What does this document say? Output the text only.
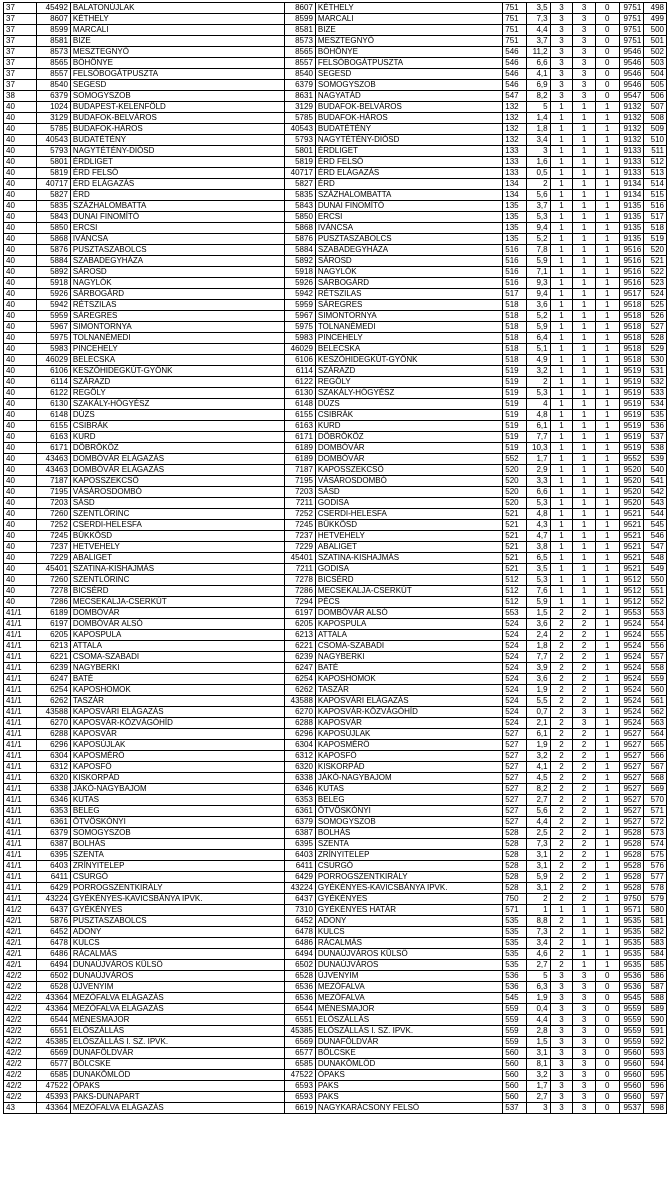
37	45492	BALATONÚJLAK	8607	KÉTHELY	751	3,5	3	3	0	9751	498
37	8607	KÉTHELY	8599	MARCALI	751	7,3	3	3	0	9751	499
37	8599	MARCALI	8581	BIZE	751	4,4	3	3	0	9751	500
37	8581	BIZE	8573	MESZTEGNYŐ	751	3,7	3	3	0	9751	501
37	8573	MESZTEGNYŐ	8565	BŐHÖNYE	546	11,2	3	3	0	9546	502
37	8565	BŐHÖNYE	8557	FELSŐBOGÁTPUSZTA	546	6,6	3	3	0	9546	503
37	8557	FELSŐBOGÁTPUSZTA	8540	SEGESD	546	4,1	3	3	0	9546	504
37	8540	SEGESD	6379	SOMOGYSZOB	546	6,9	3	3	0	9546	505
38	6379	SOMOGYSZOB	8631	NAGYATÁD	547	8,2	3	3	0	9547	506
40	1024	BUDAPEST-KELENFÖLD	3129	BUDAFOK-BELVÁROS	132	5	1	1	1	9132	507
40	3129	BUDAFOK-BELVÁROS	5785	BUDAFOK-HÁROS	132	1,4	1	1	1	9132	508
40	5785	BUDAFOK-HÁROS	40543	BUDATÉTÉNY	132	1,8	1	1	1	9132	509
40	40543	BUDATÉTÉNY	5793	NAGYTÉTÉNY-DIÓSD	132	3,4	1	1	1	9132	510
40	5793	NAGYTÉTÉNY-DIÓSD	5801	ÉRDLIGET	133	3	1	1	1	9133	511
40	5801	ÉRDLIGET	5819	ÉRD FELSŐ	133	1,6	1	1	1	9133	512
40	5819	ÉRD FELSŐ	40717	ÉRD ELÁGAZÁS	133	0,5	1	1	1	9133	513
40	40717	ÉRD ELÁGAZÁS	5827	ÉRD	134	2	1	1	1	9134	514
40	5827	ÉRD	5835	SZÁZHALOMBATTA	134	5,6	1	1	1	9134	515
40	5835	SZÁZHALOMBATTA	5843	DUNAI FINOMÍTÓ	135	3,7	1	1	1	9135	516
40	5843	DUNAI FINOMÍTÓ	5850	ERCSI	135	5,3	1	1	1	9135	517
40	5850	ERCSI	5868	IVÁNCSA	135	9,4	1	1	1	9135	518
40	5868	IVÁNCSA	5876	PUSZTASZABOLCS	135	5,2	1	1	1	9135	519
40	5876	PUSZTASZABOLCS	5884	SZABADEGYHÁZA	516	7,8	1	1	1	9516	520
40	5884	SZABADEGYHÁZA	5892	SÁROSD	516	5,9	1	1	1	9516	521
40	5892	SÁROSD	5918	NAGYLÓK	516	7,1	1	1	1	9516	522
40	5918	NAGYLÓK	5926	SÁRBOGÁRD	516	9,3	1	1	1	9516	523
40	5926	SÁRBOGÁRD	5942	RÉTSZILAS	517	9,4	1	1	1	9517	524
40	5942	RÉTSZILAS	5959	SÁREGRES	518	3,6	1	1	1	9518	525
40	5959	SÁREGRES	5967	SIMONTORNYA	518	5,2	1	1	1	9518	526
40	5967	SIMONTORNYA	5975	TOLNANÉMEDI	518	5,9	1	1	1	9518	527
40	5975	TOLNANÉMEDI	5983	PINCEHELY	518	6,4	1	1	1	9518	528
40	5983	PINCEHELY	46029	BELECSKA	518	5,1	1	1	1	9518	529
40	46029	BELECSKA	6106	KESZŐHIDEGKÚT-GYÖNK	518	4,9	1	1	1	9518	530
40	6106	KESZŐHIDEGKÚT-GYÖNK	6114	SZÁRAZD	519	3,2	1	1	1	9519	531
40	6114	SZÁRAZD	6122	REGÖLY	519	2	1	1	1	9519	532
40	6122	REGÖLY	6130	SZAKÁLY-HŐGYÉSZ	519	5,3	1	1	1	9519	533
40	6130	SZAKÁLY-HŐGYÉSZ	6148	DÚZS	519	4	1	1	1	9519	534
40	6148	DÚZS	6155	CSIBRÁK	519	4,8	1	1	1	9519	535
40	6155	CSIBRÁK	6163	KURD	519	6,1	1	1	1	9519	536
40	6163	KURD	6171	DÖBRÖKÖZ	519	7,7	1	1	1	9519	537
40	6171	DÖBRÖKÖZ	6189	DOMBÓVÁR	519	10,3	1	1	1	9519	538
40	43463	DOMBÓVÁR ELÁGAZÁS	6189	DOMBÓVÁR	552	1,7	1	1	1	9552	539
40	43463	DOMBÓVÁR ELÁGAZÁS	7187	KAPOSSZEKCSŐ	520	2,9	1	1	1	9520	540
40	7187	KAPOSSZEKCSŐ	7195	VÁSÁROSDOMBÓ	520	3,3	1	1	1	9520	541
40	7195	VÁSÁROSDOMBÓ	7203	SÁSD	520	6,6	1	1	1	9520	542
40	7203	SÁSD	7211	GODISA	520	5,3	1	1	1	9520	543
40	7260	SZENTLŐRINC	7252	CSERDI-HELESFA	521	4,8	1	1	1	9521	544
40	7252	CSERDI-HELESFA	7245	BÜKKÖSD	521	4,3	1	1	1	9521	545
40	7245	BÜKKÖSD	7237	HETVEHELY	521	4,7	1	1	1	9521	546
40	7237	HETVEHELY	7229	ABALIGET	521	3,8	1	1	1	9521	547
40	7229	ABALIGET	45401	SZATINA-KISHAJMÁS	521	6,5	1	1	1	9521	548
40	45401	SZATINA-KISHAJMÁS	7211	GODISA	521	3,5	1	1	1	9521	549
40	7260	SZENTLŐRINC	7278	BICSÉRD	512	5,3	1	1	1	9512	550
40	7278	BICSÉRD	7286	MECSEKALJA-CSERKÚT	512	7,6	1	1	1	9512	551
40	7286	MECSEKALJA-CSERKÚT	7294	PÉCS	512	5,9	1	1	1	9512	552
41/1	6189	DOMBÓVÁR	6197	DOMBÓVÁR ALSÓ	553	1,5	2	2	1	9553	553
41/1	6197	DOMBÓVÁR ALSÓ	6205	KAPOSPULA	524	3,6	2	2	1	9524	554
41/1	6205	KAPOSPULA	6213	ATTALA	524	2,4	2	2	1	9524	555
41/1	6213	ATTALA	6221	CSOMA-SZABADI	524	1,8	2	2	1	9524	556
41/1	6221	CSOMA-SZABADI	6239	NAGYBERKI	524	7,7	2	2	1	9524	557
41/1	6239	NAGYBERKI	6247	BATÉ	524	3,9	2	2	1	9524	558
41/1	6247	BATÉ	6254	KAPOSHOMOK	524	3,6	2	2	1	9524	559
41/1	6254	KAPOSHOMOK	6262	TASZÁR	524	1,9	2	2	1	9524	560
41/1	6262	TASZÁR	43588	KAPOSVÁRI ELÁGAZÁS	524	5,5	2	2	1	9524	561
41/1	43588	KAPOSVÁRI ELÁGAZÁS	6270	KAPOSVÁR-KÖZVÁGÓHÍD	524	0,7	2	3	1	9524	562
41/1	6270	KAPOSVÁR-KÖZVÁGÓHÍD	6288	KAPOSVÁR	524	2,1	2	3	1	9524	563
41/1	6288	KAPOSVÁR	6296	KAPOSÚJLAK	527	6,1	2	2	1	9527	564
41/1	6296	KAPOSÚJLAK	6304	KAPOSMÉRŐ	527	1,9	2	2	1	9527	565
41/1	6304	KAPOSMÉRŐ	6312	KAPOSFŐ	527	3,2	2	2	1	9527	566
41/1	6312	KAPOSFŐ	6320	KISKORPÁD	527	4,1	2	2	1	9527	567
41/1	6320	KISKORPÁD	6338	JÁKÓ-NAGYBAJOM	527	4,5	2	2	1	9527	568
41/1	6338	JÁKÓ-NAGYBAJOM	6346	KUTAS	527	8,2	2	2	1	9527	569
41/1	6346	KUTAS	6353	BELEG	527	2,7	2	2	1	9527	570
41/1	6353	BELEG	6361	ÖTVÖSKÓNYI	527	5,6	2	2	1	9527	571
41/1	6361	ÖTVÖSKÓNYI	6379	SOMOGYSZOB	527	4,4	2	2	1	9527	572
41/1	6379	SOMOGYSZOB	6387	BOLHÁS	528	2,5	2	2	1	9528	573
41/1	6387	BOLHÁS	6395	SZENTA	528	7,3	2	2	1	9528	574
41/1	6395	SZENTA	6403	ZRÍNYITELEP	528	3,1	2	2	1	9528	575
41/1	6403	ZRÍNYITELEP	6411	CSURGÓ	528	3,1	2	2	1	9528	576
41/1	6411	CSURGÓ	6429	PORROGSZENTKIRÁLY	528	5,9	2	2	1	9528	577
41/1	6429	PORROGSZENTKIRÁLY	43224	GYÉKÉNYES-KAVICSBÁNYA IPVK.	528	3,1	2	2	1	9528	578
41/1	43224	GYÉKÉNYES-KAVICSBÁNYA IPVK.	6437	GYÉKÉNYES	750	2	2	2	1	9750	579
41/2	6437	GYÉKÉNYES	7310	GYÉKÉNYES HATÁR	571	1	1	1	1	9571	580
42/1	5876	PUSZTASZABOLCS	6452	ADONY	535	8,8	2	1	1	9535	581
42/1	6452	ADONY	6478	KULCS	535	7,3	2	1	1	9535	582
42/1	6478	KULCS	6486	RÁCALMÁS	535	3,4	2	1	1	9535	583
42/1	6486	RÁCALMÁS	6494	DUNAÚJVÁROS KÜLSŐ	535	4,6	2	1	1	9535	584
42/1	6494	DUNAÚJVÁROS KÜLSŐ	6502	DUNAÚJVÁROS	535	2,7	2	1	1	9535	585
42/2	6502	DUNAÚJVÁROS	6528	ÚJVENYIM	536	5	3	3	0	9536	586
42/2	6528	ÚJVENYIM	6536	MEZŐFALVA	536	6,3	3	3	0	9536	587
42/2	43364	MEZŐFALVA ELÁGAZÁS	6536	MEZŐFALVA	545	1,9	3	3	0	9545	588
42/2	43364	MEZŐFALVA ELÁGAZÁS	6544	MÉNESMAJOR	559	0,4	3	3	0	9559	589
42/2	6544	MÉNESMAJOR	6551	ELŐSZÁLLÁS	559	4,4	3	3	0	9559	590
42/2	6551	ELŐSZÁLLÁS	45385	ELŐSZÁLLÁS I. SZ. IPVK.	559	2,8	3	3	0	9559	591
42/2	45385	ELŐSZÁLLÁS I. SZ. IPVK.	6569	DUNAFÖLDVÁR	559	1,5	3	3	0	9559	592
42/2	6569	DUNAFÖLDVÁR	6577	BÖLCSKE	560	3,1	3	3	0	9560	593
42/2	6577	BÖLCSKE	6585	DUNAKÖMLŐD	560	8,1	3	3	0	9560	594
42/2	6585	DUNAKÖMLŐD	47522	ÓPAKS	560	3,2	3	3	0	9560	595
42/2	47522	ÓPAKS	6593	PAKS	560	1,7	3	3	0	9560	596
42/2	45393	PAKS-DUNAPART	6593	PAKS	560	2,7	3	3	0	9560	597
43	43364	MEZŐFALVA ELÁGAZÁS	6619	NAGYKARÁCSONY FELSŐ	537	3	3	3	0	9537	598
